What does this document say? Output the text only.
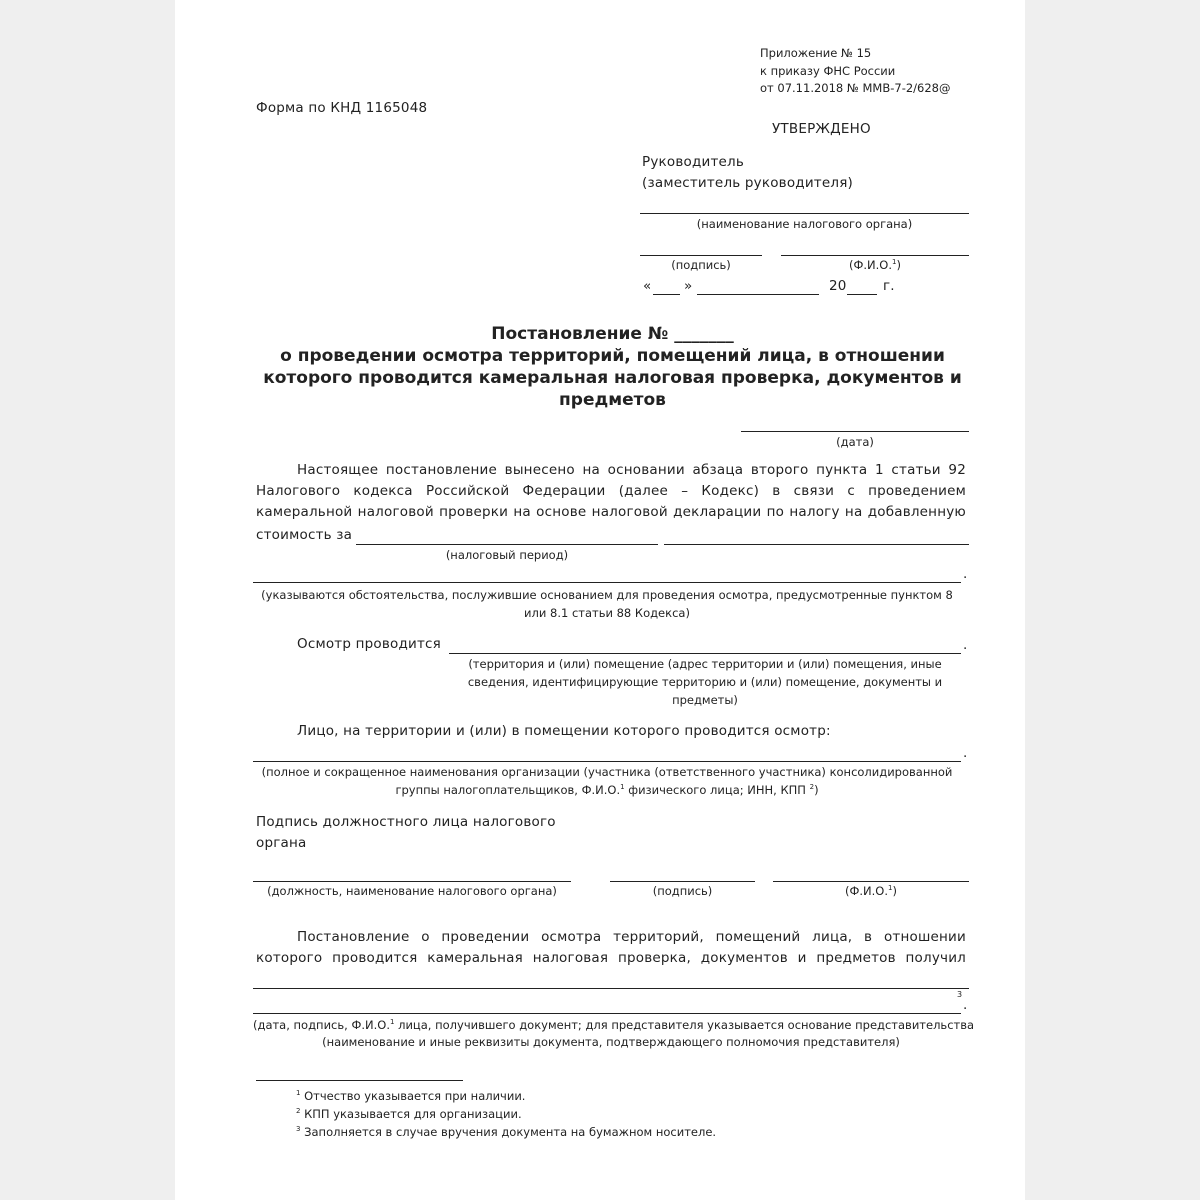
Приложение № 15
к приказу ФНС России
от 07.11.2018 № ММВ-7-2/628@
Форма по КНД 1165048
УТВЕРЖДЕНО
Руководитель
(заместитель руководителя)
(наименование налогового органа)
(подпись)	(Ф.И.О.$^1$)
« »	20	г.
Постановление № _______
о проведении осмотра территорий, помещений лица, в отношении
которого проводится камеральная налоговая проверка, документов и
предметов
(дата)
Настоящее постановление вынесено на основании абзаца второго пункта 1 статьи 92
Налогового кодекса Российской Федерации (далее – Кодекс) в связи с проведением
камеральной налоговой проверки на основе налоговой декларации по налогу на добавленную
стоимость за
(налоговый период)
.
(указываются обстоятельства, послужившие основанием для проведения осмотра, предусмотренные пунктом 8
или 8.1 статьи 88 Кодекса)
Осмотр проводится	.
(территория и (или) помещение (адрес территории и (или) помещения, иные
сведения, идентифицирующие территорию и (или) помещение, документы и
предметы)
Лицо, на территории и (или) в помещении которого проводится осмотр:
.
(полное и сокращенное наименования организации (участника (ответственного участника) консолидированной
группы налогоплательщиков, Ф.И.О.$^1$ физического лица; ИНН, КПП $^2$)
Подпись должностного лица налогового
органа
(должность, наименование налогового органа)	(подпись)	(Ф.И.О.$^1$)
Постановление о проведении осмотра территорий, помещений лица, в отношении
которого проводится камеральная налоговая проверка, документов и предметов получил
3
.
(дата, подпись, Ф.И.О.$^1$ лица, получившего документ; для представителя указывается основание представительства
(наименование и иные реквизиты документа, подтверждающего полномочия представителя)
$^1$ Отчество указывается при наличии.
$^2$ КПП указывается для организации.
$^3$ Заполняется в случае вручения документа на бумажном носителе.
